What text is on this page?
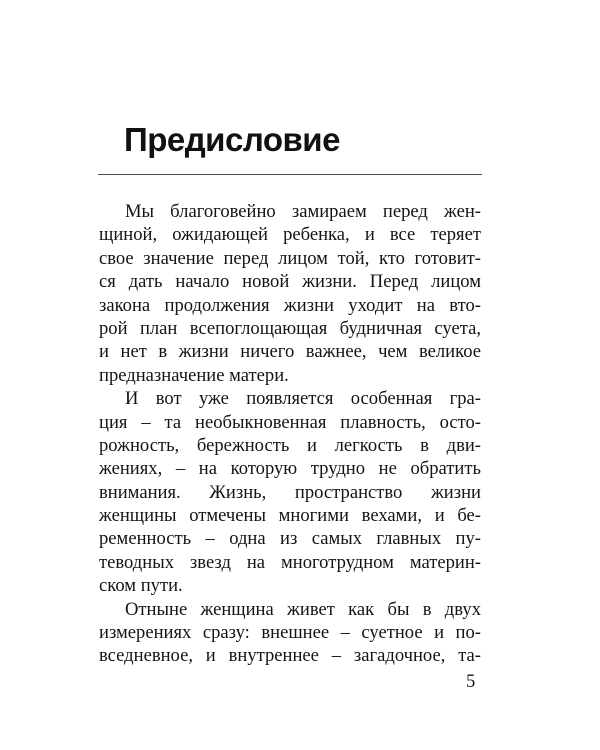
Предисловие

Мы благоговейно замираем перед жен-
щиной, ожидающей ребенка, и все теряет
свое значение перед лицом той, кто готовит-
ся дать начало новой жизни. Перед лицом
закона продолжения жизни уходит на вто-
рой план всепоглощающая будничная суета,
и нет в жизни ничего важнее, чем великое
предназначение матери.

И вот уже появляется особенная гра-
ция – та необыкновенная плавность, осто-
рожность, бережность и легкость в дви-
жениях, – на которую трудно не обратить
внимания. Жизнь, пространство жизни
женщины отмечены многими вехами, и бе-
ременность – одна из самых главных пу-
теводных звезд на многотрудном материн-
ском пути.

Отныне женщина живет как бы в двух
измерениях сразу: внешнее – суетное и по-
вседневное, и внутреннее – загадочное, та-

5
